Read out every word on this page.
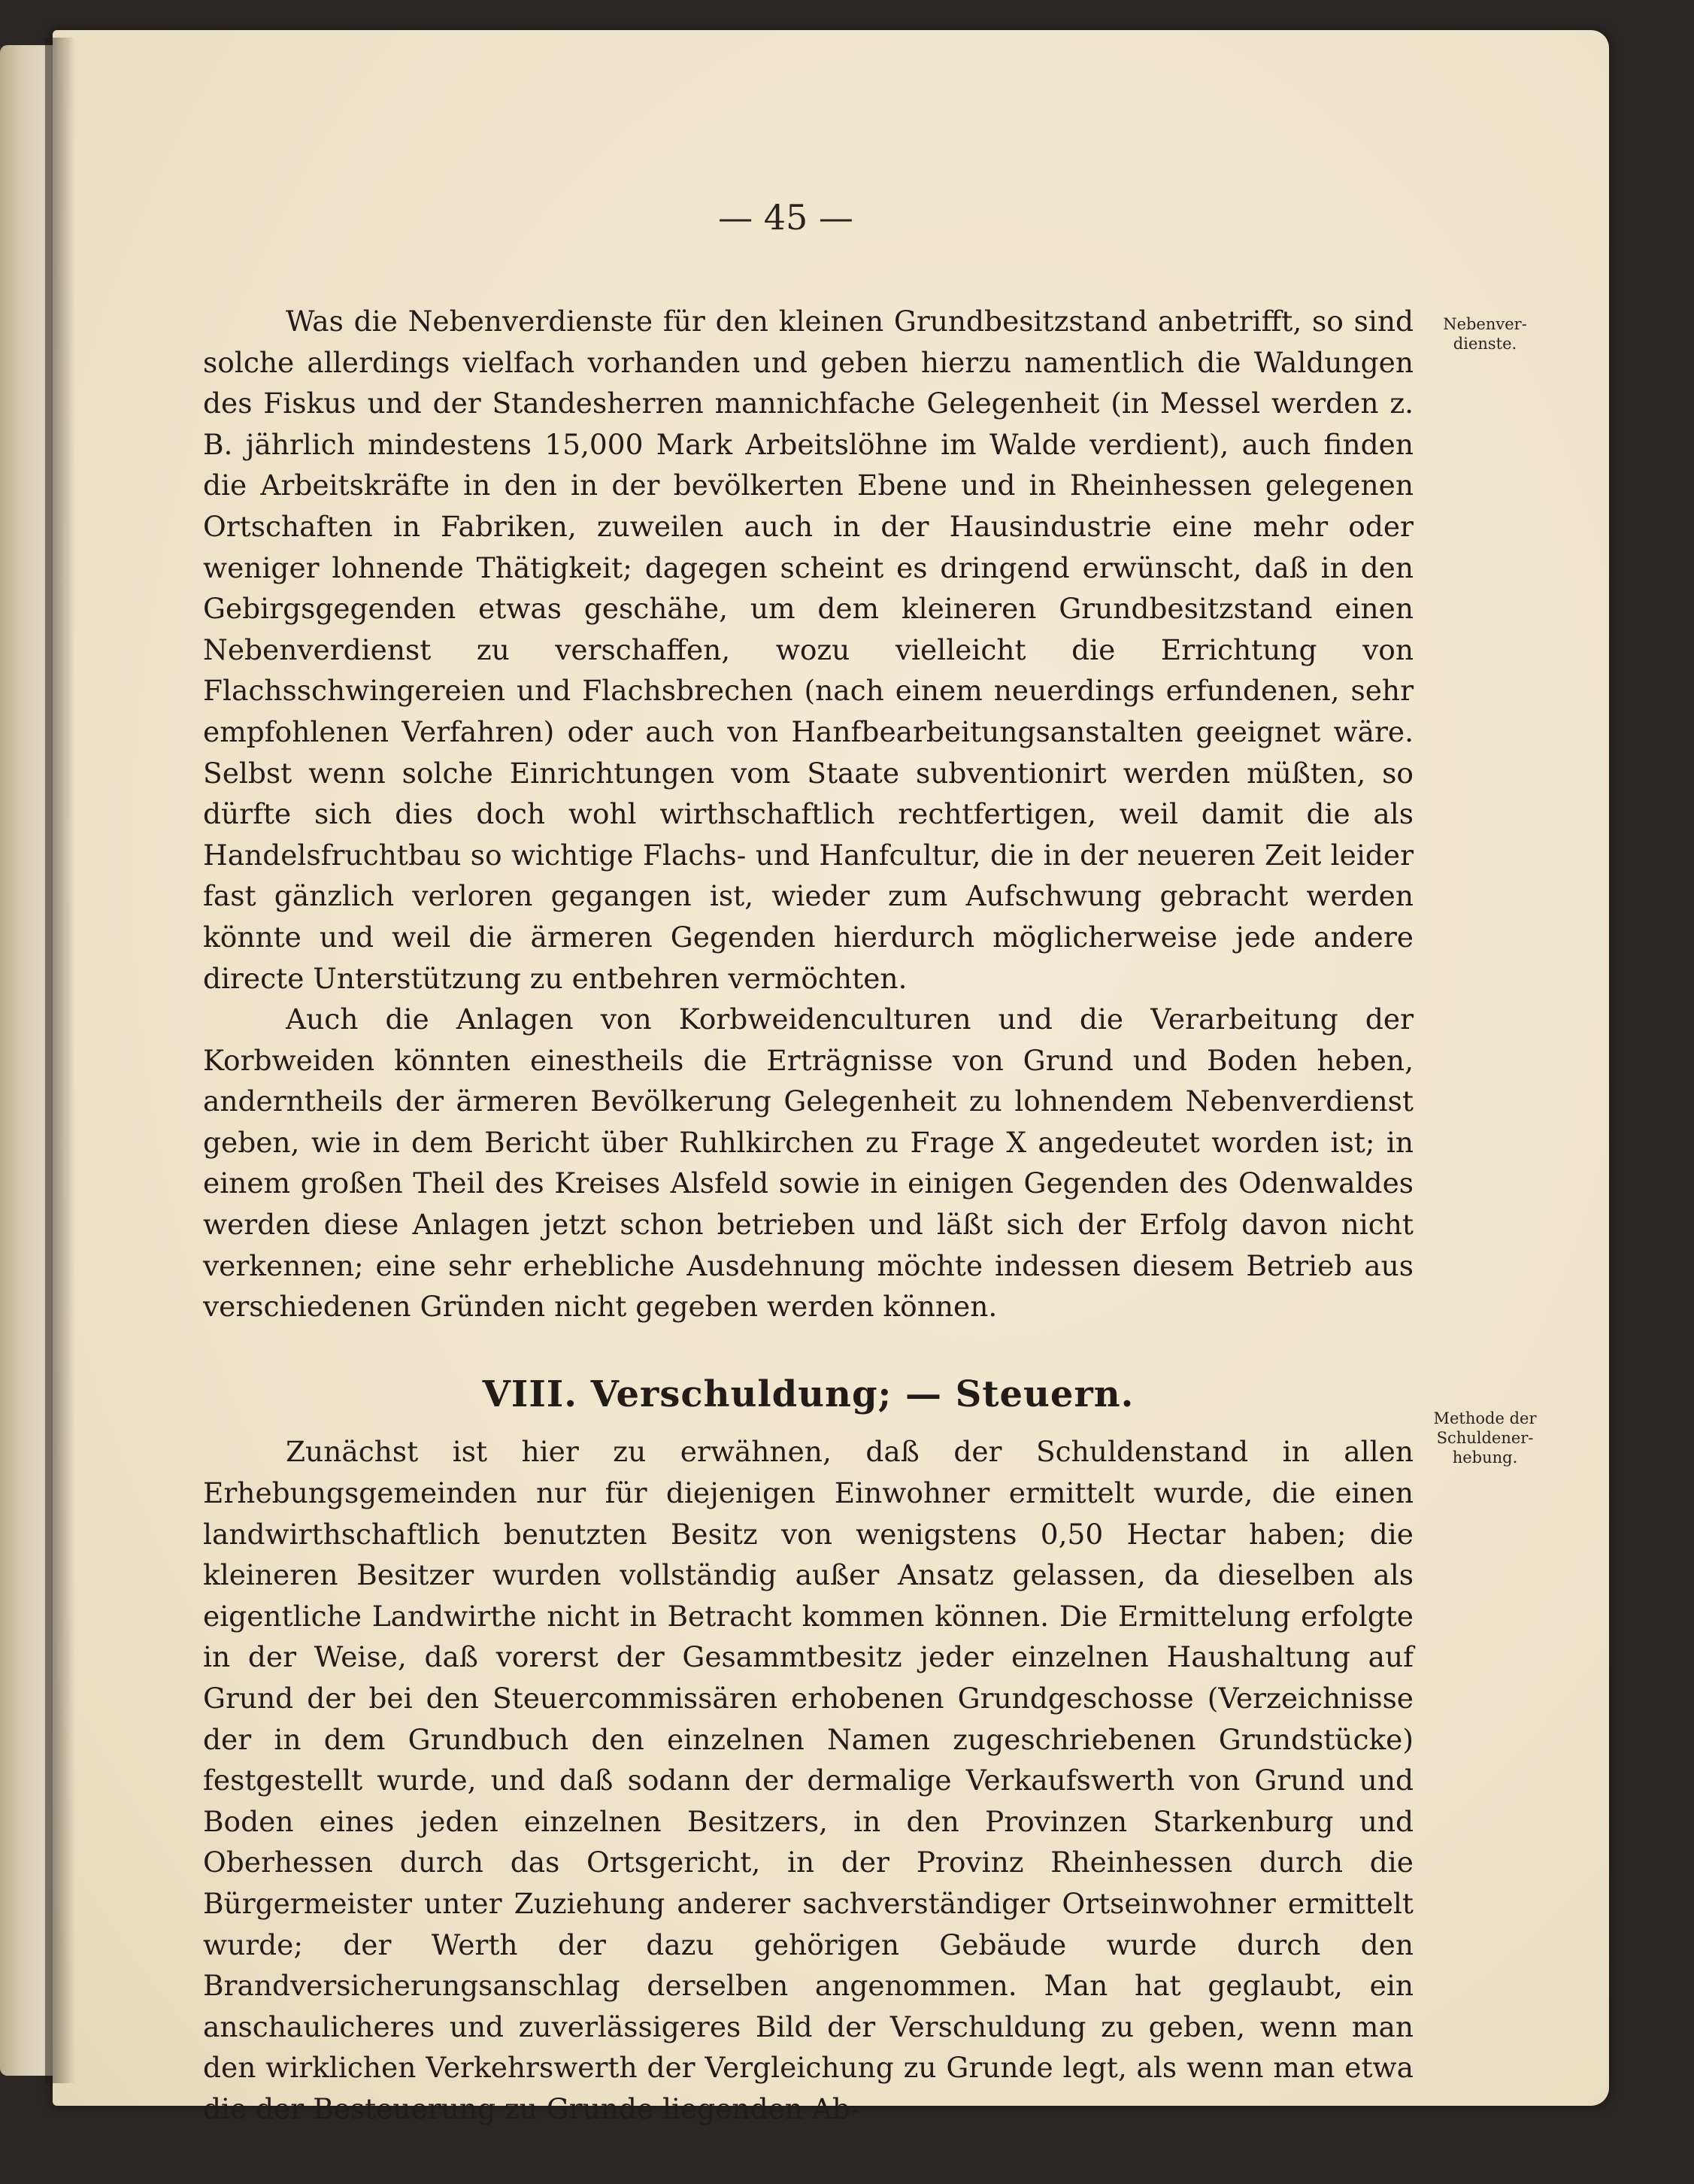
— 45 —
Nebenver- dienste.
Methode der Schuldener- hebung.

Was die Nebenverdienste für den kleinen Grundbesitzstand anbetrifft, so sind solche allerdings vielfach vorhanden und geben hierzu namentlich die Waldungen des Fiskus und der Standesherren mannichfache Gelegenheit (in Messel werden z. B. jährlich mindestens 15,000 Mark Arbeitslöhne im Walde verdient), auch finden die Arbeitskräfte in den in der bevölkerten Ebene und in Rheinhessen gelegenen Ortschaften in Fabriken, zuweilen auch in der Hausindustrie eine mehr oder weniger lohnende Thätigkeit; dagegen scheint es dringend erwünscht, daß in den Gebirgsgegenden etwas geschähe, um dem kleineren Grundbesitzstand einen Nebenverdienst zu verschaffen, wozu vielleicht die Errichtung von Flachsschwingereien und Flachsbrechen (nach einem neuerdings erfundenen, sehr empfohlenen Verfahren) oder auch von Hanfbearbeitungsanstalten geeignet wäre. Selbst wenn solche Einrichtungen vom Staate subventionirt werden müßten, so dürfte sich dies doch wohl wirthschaftlich rechtfertigen, weil damit die als Handelsfruchtbau so wichtige Flachs- und Hanfcultur, die in der neueren Zeit leider fast gänzlich verloren gegangen ist, wieder zum Aufschwung gebracht werden könnte und weil die ärmeren Gegenden hierdurch möglicherweise jede andere directe Unterstützung zu entbehren vermöchten.

Auch die Anlagen von Korbweidenculturen und die Verarbeitung der Korbweiden könnten einestheils die Erträgnisse von Grund und Boden heben, anderntheils der ärmeren Bevölkerung Gelegenheit zu lohnendem Nebenverdienst geben, wie in dem Bericht über Ruhlkirchen zu Frage X angedeutet worden ist; in einem großen Theil des Kreises Alsfeld sowie in einigen Gegenden des Odenwaldes werden diese Anlagen jetzt schon betrieben und läßt sich der Erfolg davon nicht verkennen; eine sehr erhebliche Ausdehnung möchte indessen diesem Betrieb aus verschiedenen Gründen nicht gegeben werden können.

VIII. Verschuldung; — Steuern.

Zunächst ist hier zu erwähnen, daß der Schuldenstand in allen Erhebungsgemeinden nur für diejenigen Einwohner ermittelt wurde, die einen landwirthschaftlich benutzten Besitz von wenigstens 0,50 Hectar haben; die kleineren Besitzer wurden vollständig außer Ansatz gelassen, da dieselben als eigentliche Landwirthe nicht in Betracht kommen können. Die Ermittelung erfolgte in der Weise, daß vorerst der Gesammtbesitz jeder einzelnen Haushaltung auf Grund der bei den Steuercommissären erhobenen Grundgeschosse (Verzeichnisse der in dem Grundbuch den einzelnen Namen zugeschriebenen Grundstücke) festgestellt wurde, und daß sodann der dermalige Verkaufswerth von Grund und Boden eines jeden einzelnen Besitzers, in den Provinzen Starkenburg und Oberhessen durch das Ortsgericht, in der Provinz Rheinhessen durch die Bürgermeister unter Zuziehung anderer sachverständiger Ortseinwohner ermittelt wurde; der Werth der dazu gehörigen Gebäude wurde durch den Brandversicherungsanschlag derselben angenommen. Man hat geglaubt, ein anschaulicheres und zuverlässigeres Bild der Verschuldung zu geben, wenn man den wirklichen Verkehrswerth der Vergleichung zu Grunde legt, als wenn man etwa die der Besteuerung zu Grunde liegenden Ab-
